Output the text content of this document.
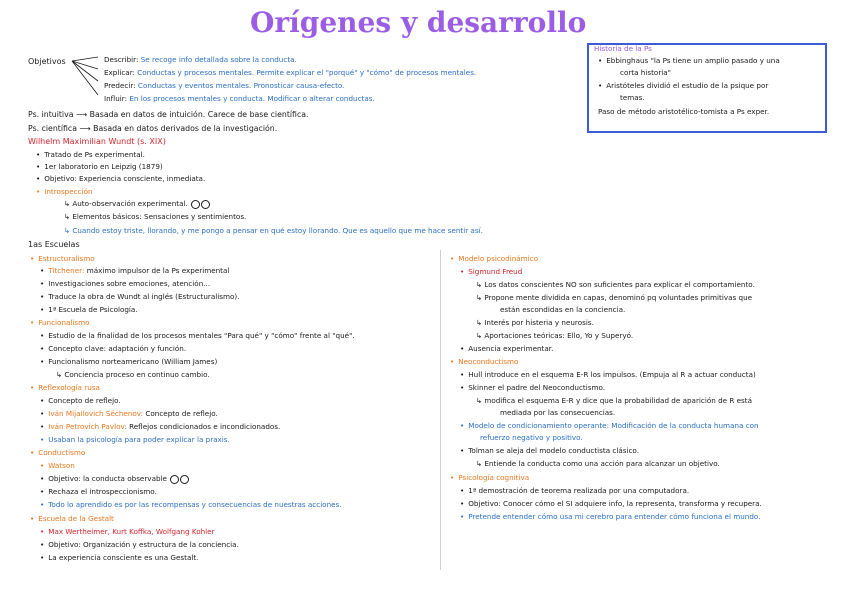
Orígenes y desarrollo
Objetivos	Describir: Se recoge info detallada sobre la conducta.
Explicar: Conductas y procesos mentales. Permite explicar el "porqué" y "cómo" de procesos mentales.
Predecir: Conductas y eventos mentales. Pronosticar causa-efecto.
Influir: En los procesos mentales y conducta. Modificar o alterar conductas.
Ps. intuitiva ⟶ Basada en datos de intuición. Carece de base científica.
Ps. científica ⟶ Basada en datos derivados de la investigación.
Wilhelm Maximilian Wundt (s. XIX)
• Tratado de Ps experimental.
• 1er laboratorio en Leipzig (1879)
• Objetivo: Experiencia consciente, inmediata.
• Introspección
↳ Auto-observación experimental.
↳ Elementos básicos: Sensaciones y sentimientos.
↳ Cuando estoy triste, llorando, y me pongo a pensar en qué estoy llorando. Que es aquello que me hace sentir así.
1as Escuelas
• Estructuralismo
• Titchener: máximo impulsor de la Ps experimental
• Investigaciones sobre emociones, atención...
• Traduce la obra de Wundt al inglés (Estructuralismo).
• 1ª Escuela de Psicología.
• Funcionalismo
• Estudio de la finalidad de los procesos mentales "Para qué" y "cómo" frente al "qué".
• Concepto clave: adaptación y función.
• Funcionalismo norteamericano (William James)
↳ Conciencia proceso en continuo cambio.
• Reflexología rusa
• Concepto de reflejo.
• Iván Mijailovich Séchenov: Concepto de reflejo.
• Iván Petrovich Pavlov: Reflejos condicionados e incondicionados.
• Usaban la psicología para poder explicar la praxis.
• Conductismo
• Watson
• Objetivo: la conducta observable
• Rechaza el introspeccionismo.
• Todo lo aprendido es por las recompensas y consecuencias de nuestras acciones.
• Escuela de la Gestalt
• Max Wertheimer, Kurt Koffka, Wolfgang Kohler
• Objetivo: Organización y estructura de la conciencia.
• La experiencia consciente es una Gestalt.
• Modelo psicodinámico
• Sigmund Freud
↳ Los datos conscientes NO son suficientes para explicar el comportamiento.
↳ Propone mente dividida en capas, denominó pq voluntades primitivas que
están escondidas en la conciencia.
↳ Interés por histeria y neurosis.
↳ Aportaciones teóricas: Ello, Yo y Superyó.
• Ausencia experimentar.
• Neoconductismo
• Hull introduce en el esquema E-R los impulsos. (Empuja al R a actuar conducta)
• Skinner el padre del Neoconductismo.
↳ modifica el esquema E-R y dice que la probabilidad de aparición de R está
mediada por las consecuencias.
• Modelo de condicionamiento operante: Modificación de la conducta humana con
refuerzo negativo y positivo.
• Tolman se aleja del modelo conductista clásico.
↳ Entiende la conducta como una acción para alcanzar un objetivo.
• Psicología cognitiva
• 1ª demostración de teorema realizada por una computadora.
• Objetivo: Conocer cómo el SI adquiere info, la representa, transforma y recupera.
• Pretende entender cómo usa mi cerebro para entender cómo funciona el mundo.
Historia de la Ps
• Ebbinghaus "la Ps tiene un amplio pasado y una
corta historia"
• Aristóteles dividió el estudio de la psique por
temas.
Paso de método aristotélico-tomista a Ps exper.
